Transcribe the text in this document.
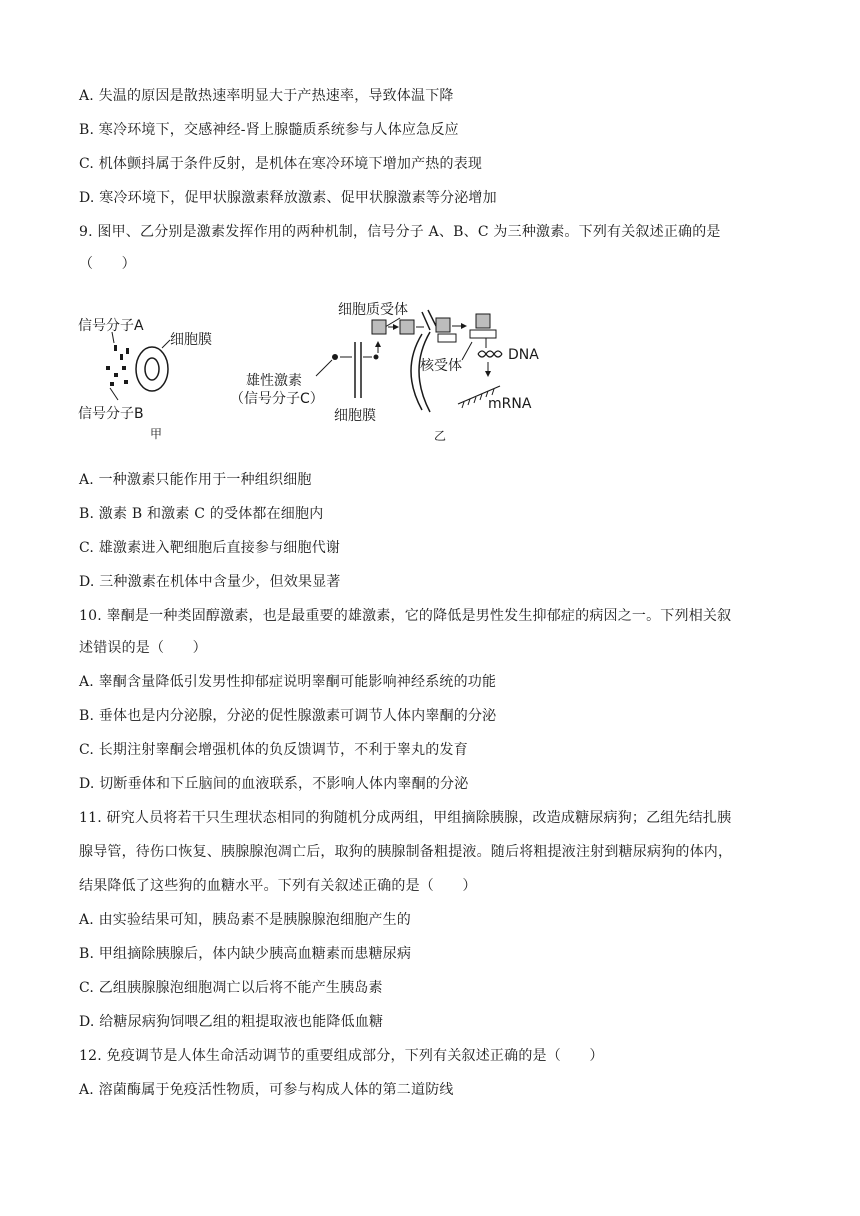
A. 失温的原因是散热速率明显大于产热速率，导致体温下降
B. 寒冷环境下，交感神经-肾上腺髓质系统参与人体应急反应
C. 机体颤抖属于条件反射，是机体在寒冷环境下增加产热的表现
D. 寒冷环境下，促甲状腺激素释放激素、促甲状腺激素等分泌增加
9. 图甲、乙分别是激素发挥作用的两种机制，信号分子 A、B、C 为三种激素。下列有关叙述正确的是
（　　）
信号分子A
细胞膜
信号分子B
甲
细胞质受体
核受体
DNA
mRNA
雄性激素
（信号分子C）
细胞膜
乙
A. 一种激素只能作用于一种组织细胞
B. 激素 B 和激素 C 的受体都在细胞内
C. 雄激素进入靶细胞后直接参与细胞代谢
D. 三种激素在机体中含量少，但效果显著
10. 睾酮是一种类固醇激素，也是最重要的雄激素，它的降低是男性发生抑郁症的病因之一。下列相关叙
述错误的是（　　）
A. 睾酮含量降低引发男性抑郁症说明睾酮可能影响神经系统的功能
B. 垂体也是内分泌腺，分泌的促性腺激素可调节人体内睾酮的分泌
C. 长期注射睾酮会增强机体的负反馈调节，不利于睾丸的发育
D. 切断垂体和下丘脑间的血液联系，不影响人体内睾酮的分泌
11. 研究人员将若干只生理状态相同的狗随机分成两组，甲组摘除胰腺，改造成糖尿病狗；乙组先结扎胰
腺导管，待伤口恢复、胰腺腺泡凋亡后，取狗的胰腺制备粗提液。随后将粗提液注射到糖尿病狗的体内，
结果降低了这些狗的血糖水平。下列有关叙述正确的是（　　）
A. 由实验结果可知，胰岛素不是胰腺腺泡细胞产生的
B. 甲组摘除胰腺后，体内缺少胰高血糖素而患糖尿病
C. 乙组胰腺腺泡细胞凋亡以后将不能产生胰岛素
D. 给糖尿病狗饲喂乙组的粗提取液也能降低血糖
12. 免疫调节是人体生命活动调节的重要组成部分，下列有关叙述正确的是（　　）
A. 溶菌酶属于免疫活性物质，可参与构成人体的第二道防线
